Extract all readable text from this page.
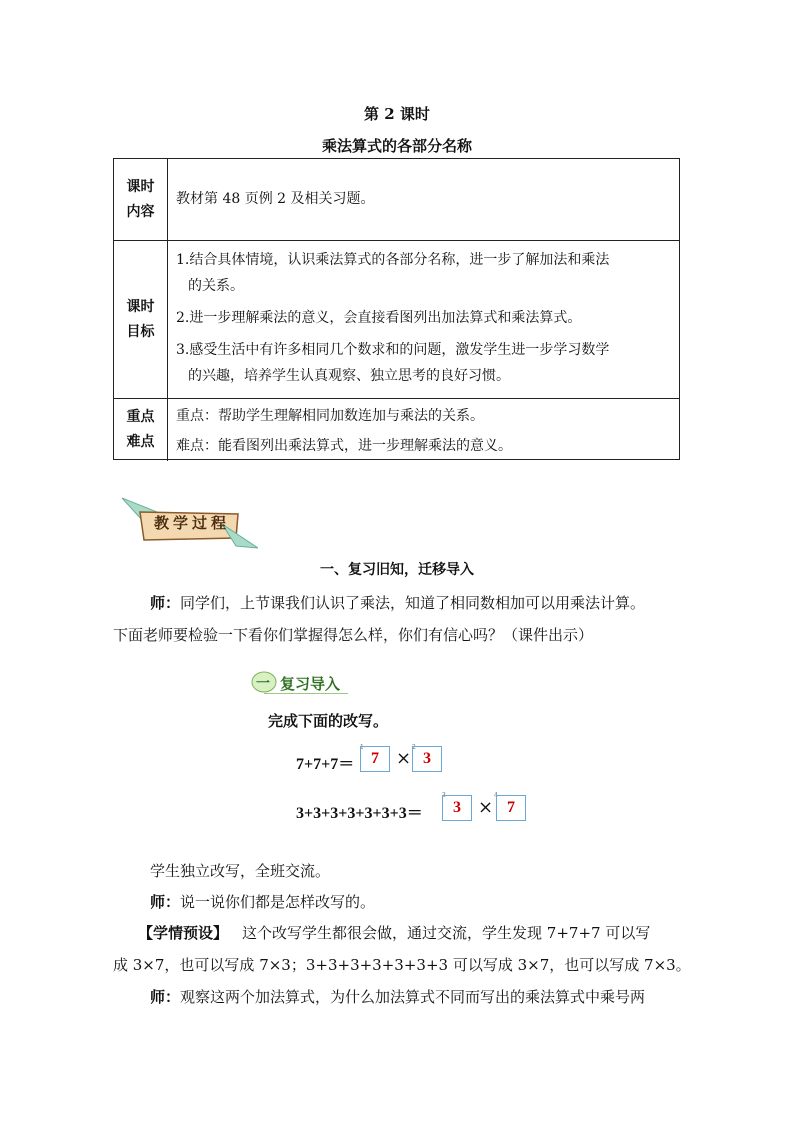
第 2 课时
乘法算式的各部分名称
课时
内容
教材第 48 页例 2 及相关习题。
课时
目标
1.结合具体情境，认识乘法算式的各部分名称，进一步了解加法和乘法
的关系。
2.进一步理解乘法的意义，会直接看图列出加法算式和乘法算式。
3.感受生活中有许多相同几个数求和的问题，激发学生进一步学习数学
的兴趣，培养学生认真观察、独立思考的良好习惯。
重点
难点
重点：帮助学生理解相同加数连加与乘法的关系。
难点：能看图列出乘法算式，进一步理解乘法的意义。
教学过程
一、复习旧知，迁移导入
师：同学们，上节课我们认识了乘法，知道了相同数相加可以用乘法计算。
下面老师要检验一下看你们掌握得怎么样，你们有信心吗？（课件出示）
一 复习导入
完成下面的改写。
7+7+7＝
1
7 ×
2
3
3+3+3+3+3+3+3＝
3
3 ×
4
7
学生独立改写，全班交流。
师：说一说你们都是怎样改写的。
【学情预设】 这个改写学生都很会做，通过交流，学生发现 7+7+7 可以写
成 3×7，也可以写成 7×3；3+3+3+3+3+3+3 可以写成 3×7，也可以写成 7×3。
师：观察这两个加法算式，为什么加法算式不同而写出的乘法算式中乘号两
